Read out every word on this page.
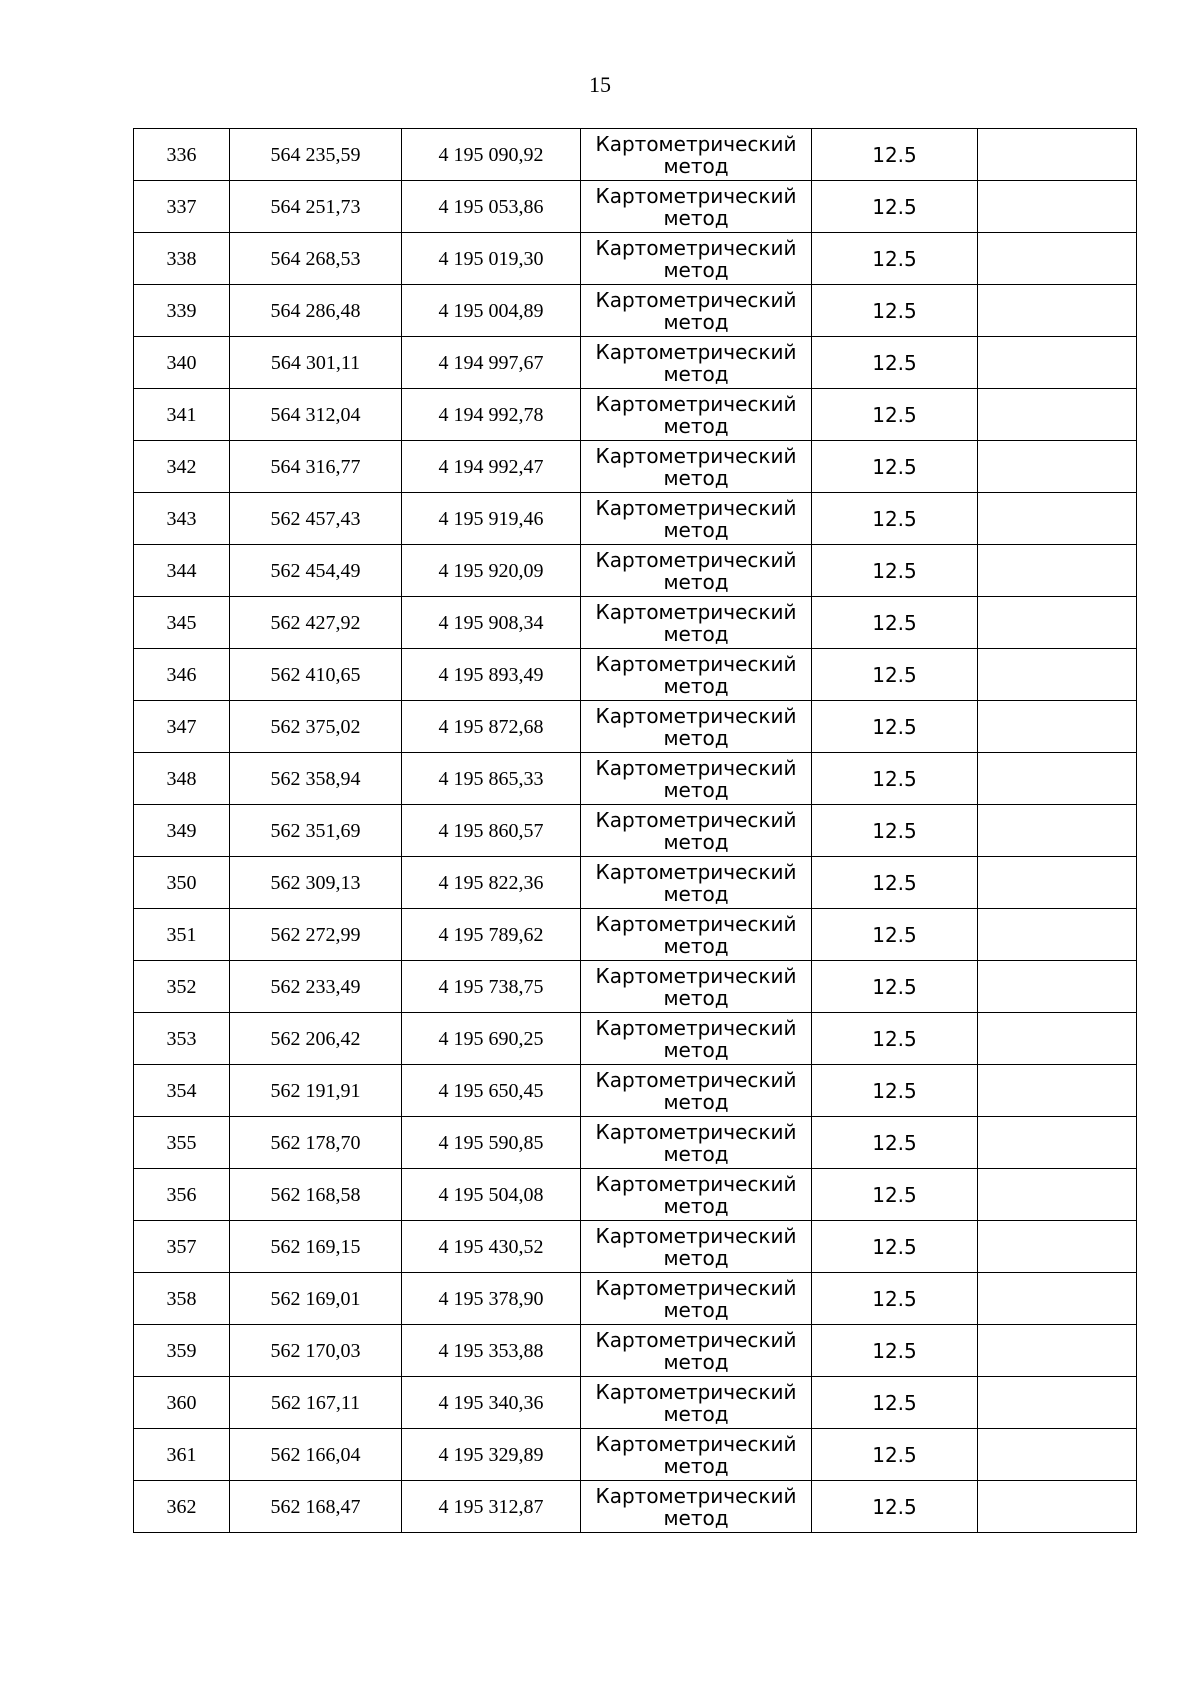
15
336	564 235,59	4 195 090,92	Картометрический
метод	12.5	
337	564 251,73	4 195 053,86	Картометрический
метод	12.5	
338	564 268,53	4 195 019,30	Картометрический
метод	12.5	
339	564 286,48	4 195 004,89	Картометрический
метод	12.5	
340	564 301,11	4 194 997,67	Картометрический
метод	12.5	
341	564 312,04	4 194 992,78	Картометрический
метод	12.5	
342	564 316,77	4 194 992,47	Картометрический
метод	12.5	
343	562 457,43	4 195 919,46	Картометрический
метод	12.5	
344	562 454,49	4 195 920,09	Картометрический
метод	12.5	
345	562 427,92	4 195 908,34	Картометрический
метод	12.5	
346	562 410,65	4 195 893,49	Картометрический
метод	12.5	
347	562 375,02	4 195 872,68	Картометрический
метод	12.5	
348	562 358,94	4 195 865,33	Картометрический
метод	12.5	
349	562 351,69	4 195 860,57	Картометрический
метод	12.5	
350	562 309,13	4 195 822,36	Картометрический
метод	12.5	
351	562 272,99	4 195 789,62	Картометрический
метод	12.5	
352	562 233,49	4 195 738,75	Картометрический
метод	12.5	
353	562 206,42	4 195 690,25	Картометрический
метод	12.5	
354	562 191,91	4 195 650,45	Картометрический
метод	12.5	
355	562 178,70	4 195 590,85	Картометрический
метод	12.5	
356	562 168,58	4 195 504,08	Картометрический
метод	12.5	
357	562 169,15	4 195 430,52	Картометрический
метод	12.5	
358	562 169,01	4 195 378,90	Картометрический
метод	12.5	
359	562 170,03	4 195 353,88	Картометрический
метод	12.5	
360	562 167,11	4 195 340,36	Картометрический
метод	12.5	
361	562 166,04	4 195 329,89	Картометрический
метод	12.5	
362	562 168,47	4 195 312,87	Картометрический
метод	12.5	
